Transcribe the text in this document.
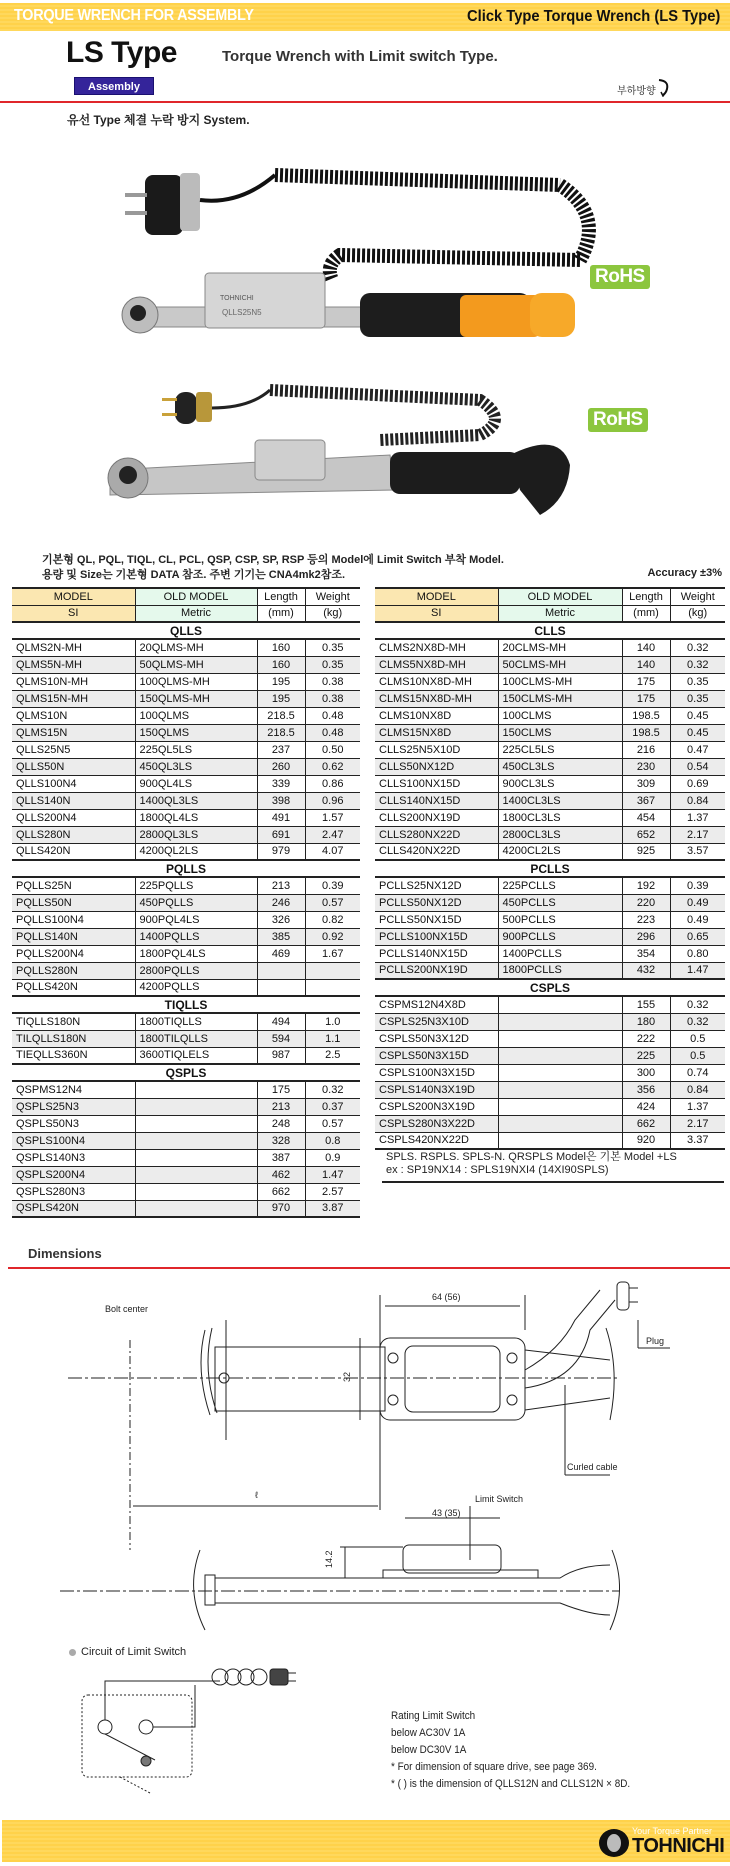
TORQUE WRENCH FOR ASSEMBLY	Click Type Torque Wrench (LS Type)
LS Type	Torque Wrench with Limit switch Type.
Assembly	부하방향
유선 Type 체결 누락 방지 System.
TOHNICHI
QLLS25N5
RoHS
RoHS
기본형 QL, PQL, TIQL, CL, PCL, QSP, CSP, SP, RSP 등의 Model에 Limit Switch 부착 Model.
용량 및 Size는 기본형 DATA 참조. 주변 기기는 CNA4mk2참조.	Accuracy ±3%
MODEL	OLD MODEL	Length	Weight
SI	Metric	(mm)	(kg)
QLLS			
QLMS2N-MH	20QLMS-MH	160	0.35
QLMS5N-MH	50QLMS-MH	160	0.35
QLMS10N-MH	100QLMS-MH	195	0.38
QLMS15N-MH	150QLMS-MH	195	0.38
QLMS10N	100QLMS	218.5	0.48
QLMS15N	150QLMS	218.5	0.48
QLLS25N5	225QL5LS	237	0.50
QLLS50N	450QL3LS	260	0.62
QLLS100N4	900QL4LS	339	0.86
QLLS140N	1400QL3LS	398	0.96
QLLS200N4	1800QL4LS	491	1.57
QLLS280N	2800QL3LS	691	2.47
QLLS420N	4200QL2LS	979	4.07
PQLLS			
PQLLS25N	225PQLLS	213	0.39
PQLLS50N	450PQLLS	246	0.57
PQLLS100N4	900PQL4LS	326	0.82
PQLLS140N	1400PQLLS	385	0.92
PQLLS200N4	1800PQL4LS	469	1.67
PQLLS280N	2800PQLLS		
PQLLS420N	4200PQLLS		
TIQLLS			
TIQLLS180N	1800TIQLLS	494	1.0
TILQLLS180N	1800TILQLLS	594	1.1
TIEQLLS360N	3600TIQLELS	987	2.5
QSPLS			
QSPMS12N4		175	0.32
QSPLS25N3		213	0.37
QSPLS50N3		248	0.57
QSPLS100N4		328	0.8
QSPLS140N3		387	0.9
QSPLS200N4		462	1.47
QSPLS280N3		662	2.57
QSPLS420N		970	3.87
MODEL	OLD MODEL	Length	Weight
SI	Metric	(mm)	(kg)
CLLS			
CLMS2NX8D-MH	20CLMS-MH	140	0.32
CLMS5NX8D-MH	50CLMS-MH	140	0.32
CLMS10NX8D-MH	100CLMS-MH	175	0.35
CLMS15NX8D-MH	150CLMS-MH	175	0.35
CLMS10NX8D	100CLMS	198.5	0.45
CLMS15NX8D	150CLMS	198.5	0.45
CLLS25N5X10D	225CL5LS	216	0.47
CLLS50NX12D	450CL3LS	230	0.54
CLLS100NX15D	900CL3LS	309	0.69
CLLS140NX15D	1400CL3LS	367	0.84
CLLS200NX19D	1800CL3LS	454	1.37
CLLS280NX22D	2800CL3LS	652	2.17
CLLS420NX22D	4200CL2LS	925	3.57
PCLLS			
PCLLS25NX12D	225PCLLS	192	0.39
PCLLS50NX12D	450PCLLS	220	0.49
PCLLS50NX15D	500PCLLS	223	0.49
PCLLS100NX15D	900PCLLS	296	0.65
PCLLS140NX15D	1400PCLLS	354	0.80
PCLLS200NX19D	1800PCLLS	432	1.47
CSPLS			
CSPMS12N4X8D		155	0.32
CSPLS25N3X10D		180	0.32
CSPLS50N3X12D		222	0.5
CSPLS50N3X15D		225	0.5
CSPLS100N3X15D		300	0.74
CSPLS140N3X19D		356	0.84
CSPLS200N3X19D		424	1.37
CSPLS280N3X22D		662	2.17
CSPLS420NX22D		920	3.37
SPLS. RSPLS. SPLS-N. QRSPLS Model은 기본 Model +LS
ex : SP19NX14 : SPLS19NXI4 (14XI90SPLS)
Dimensions
Bolt center
64 (56)
32
Plug
ℓ
Curled cable
Limit Switch
43 (35)
14.2
Circuit of Limit Switch
Rating Limit Switch
below AC30V 1A
below DC30V 1A
* For dimension of square drive, see page 369.
* ( ) is the dimension of QLLS12N and CLLS12N × 8D.
Your Torque Partner
TOHNICHI
